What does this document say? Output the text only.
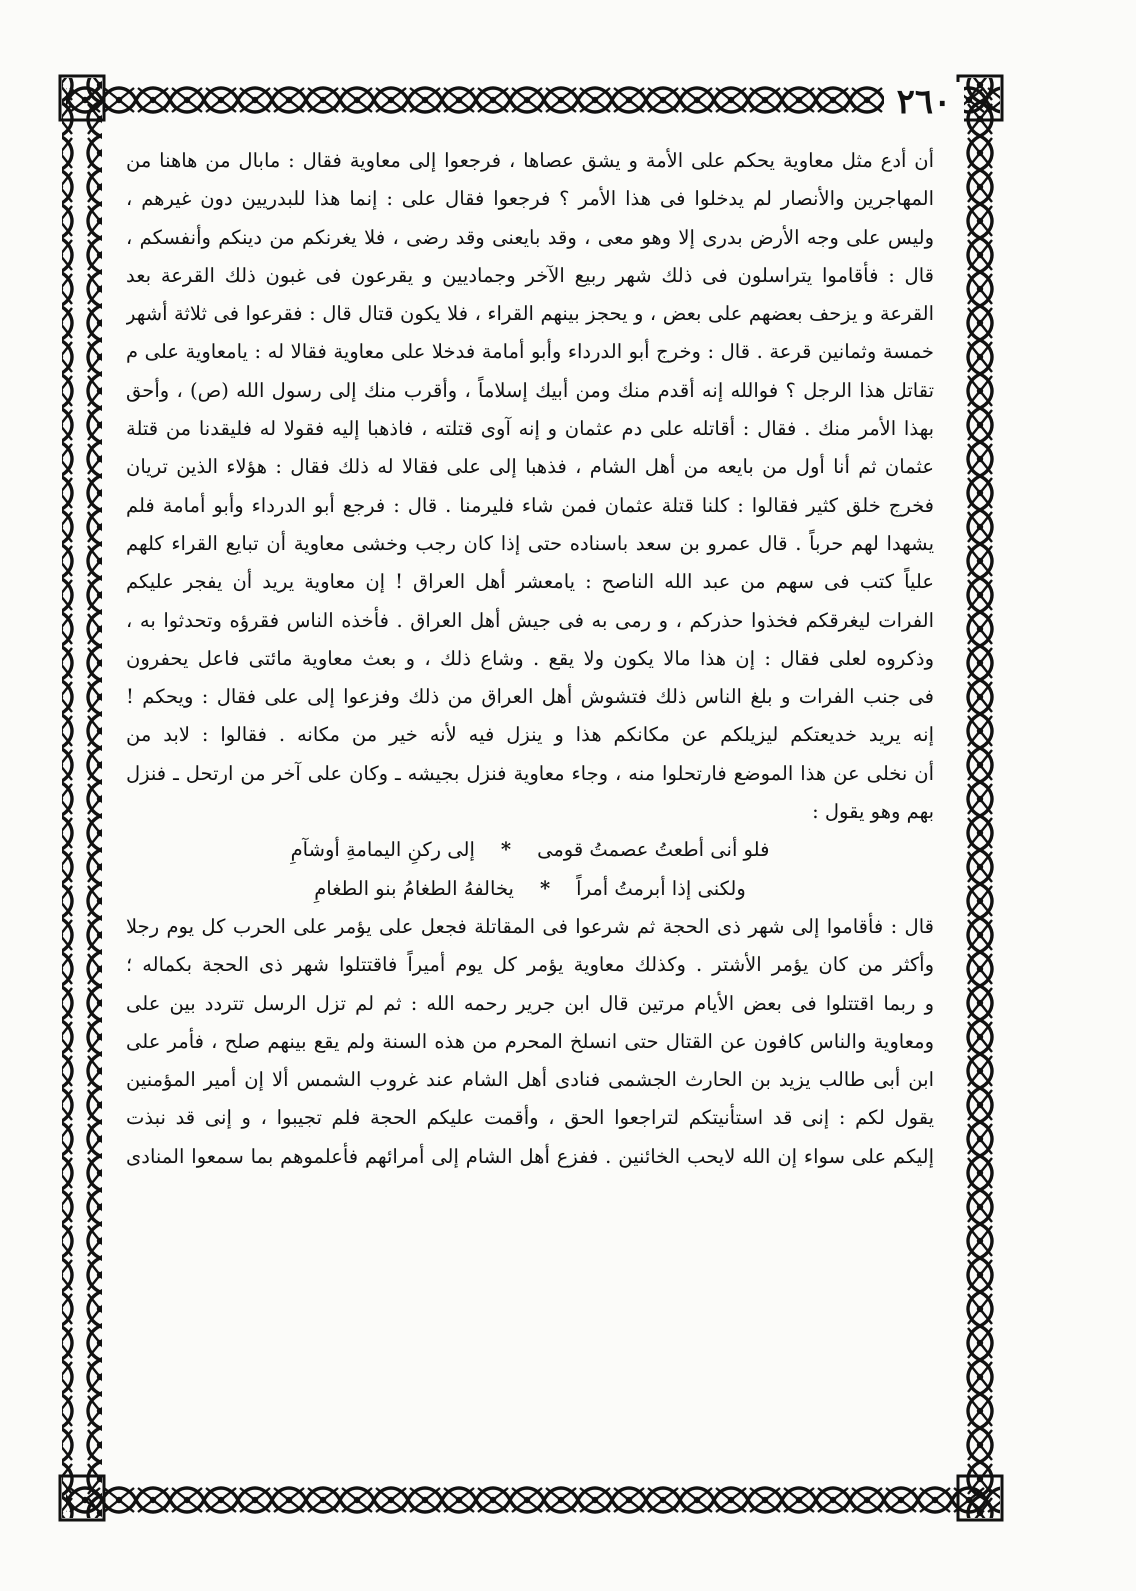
٢٦٠
أن أدع مثل معاوية يحكم على الأمة و يشق عصاها ، فرجعوا إلى معاوية فقال : مابال من هاهنا من
المهاجرين والأنصار لم يدخلوا فى هذا الأمر ؟ فرجعوا فقال على : إنما هذا للبدريين دون غيرهم ،
وليس على وجه الأرض بدرى إلا وهو معى ، وقد بايعنى وقد رضى ، فلا يغرنكم من دينكم وأنفسكم ،
قال : فأقاموا يتراسلون فى ذلك شهر ربيع الآخر وجماديين و يقرعون فى غبون ذلك القرعة بعد
القرعة و يزحف بعضهم على بعض ، و يحجز بينهم القراء ، فلا يكون قتال قال : فقرعوا فى ثلاثة أشهر
خمسة وثمانين قرعة . قال : وخرج أبو الدرداء وأبو أمامة فدخلا على معاوية فقالا له : يامعاوية على م
تقاتل هذا الرجل ؟ فوالله إنه أقدم منك ومن أبيك إسلاماً ، وأقرب منك إلى رسول الله (ص) ، وأحق
بهذا الأمر منك . فقال : أقاتله على دم عثمان و إنه آوى قتلته ، فاذهبا إليه فقولا له فليقدنا من قتلة
عثمان ثم أنا أول من بايعه من أهل الشام ، فذهبا إلى على فقالا له ذلك فقال : هؤلاء الذين تريان
فخرج خلق كثير فقالوا : كلنا قتلة عثمان فمن شاء فليرمنا . قال : فرجع أبو الدرداء وأبو أمامة فلم
يشهدا لهم حرباً . قال عمرو بن سعد باسناده حتى إذا كان رجب وخشى معاوية أن تبايع القراء كلهم
علياً كتب فى سهم من عبد الله الناصح : يامعشر أهل العراق ! إن معاوية يريد أن يفجر عليكم
الفرات ليغرقكم فخذوا حذركم ، و رمى به فى جيش أهل العراق . فأخذه الناس فقرؤه وتحدثوا به ،
وذكروه لعلى فقال : إن هذا مالا يكون ولا يقع . وشاع ذلك ، و بعث معاوية مائتى فاعل يحفرون
فى جنب الفرات و بلغ الناس ذلك فتشوش أهل العراق من ذلك وفزعوا إلى على فقال : ويحكم !
إنه يريد خديعتكم ليزيلكم عن مكانكم هذا و ينزل فيه لأنه خير من مكانه . فقالوا : لابد من
أن نخلى عن هذا الموضع فارتحلوا منه ، وجاء معاوية فنزل بجيشه ـ وكان على آخر من ارتحل ـ فنزل
بهم وهو يقول :
فلو أنى أطعتُ عصمتُ قومى
*
إلى ركنِ اليمامةِ أوشآمِ
ولكنى إذا أبرمتُ أمراً
*
يخالفهُ الطغامُ بنو الطغامِ
قال : فأقاموا إلى شهر ذى الحجة ثم شرعوا فى المقاتلة فجعل على يؤمر على الحرب كل يوم رجلا
وأكثر من كان يؤمر الأشتر . وكذلك معاوية يؤمر كل يوم أميراً فاقتتلوا شهر ذى الحجة بكماله ؛
و ربما اقتتلوا فى بعض الأيام مرتين قال ابن جرير رحمه الله : ثم لم تزل الرسل تتردد بين على
ومعاوية والناس كافون عن القتال حتى انسلخ المحرم من هذه السنة ولم يقع بينهم صلح ، فأمر على
ابن أبى طالب يزيد بن الحارث الجشمى فنادى أهل الشام عند غروب الشمس ألا إن أمير المؤمنين
يقول لكم : إنى قد استأنيتكم لتراجعوا الحق ، وأقمت عليكم الحجة فلم تجيبوا ، و إنى قد نبذت
إليكم على سواء إن الله لايحب الخائنين . ففزع أهل الشام إلى أمرائهم فأعلموهم بما سمعوا المنادى
